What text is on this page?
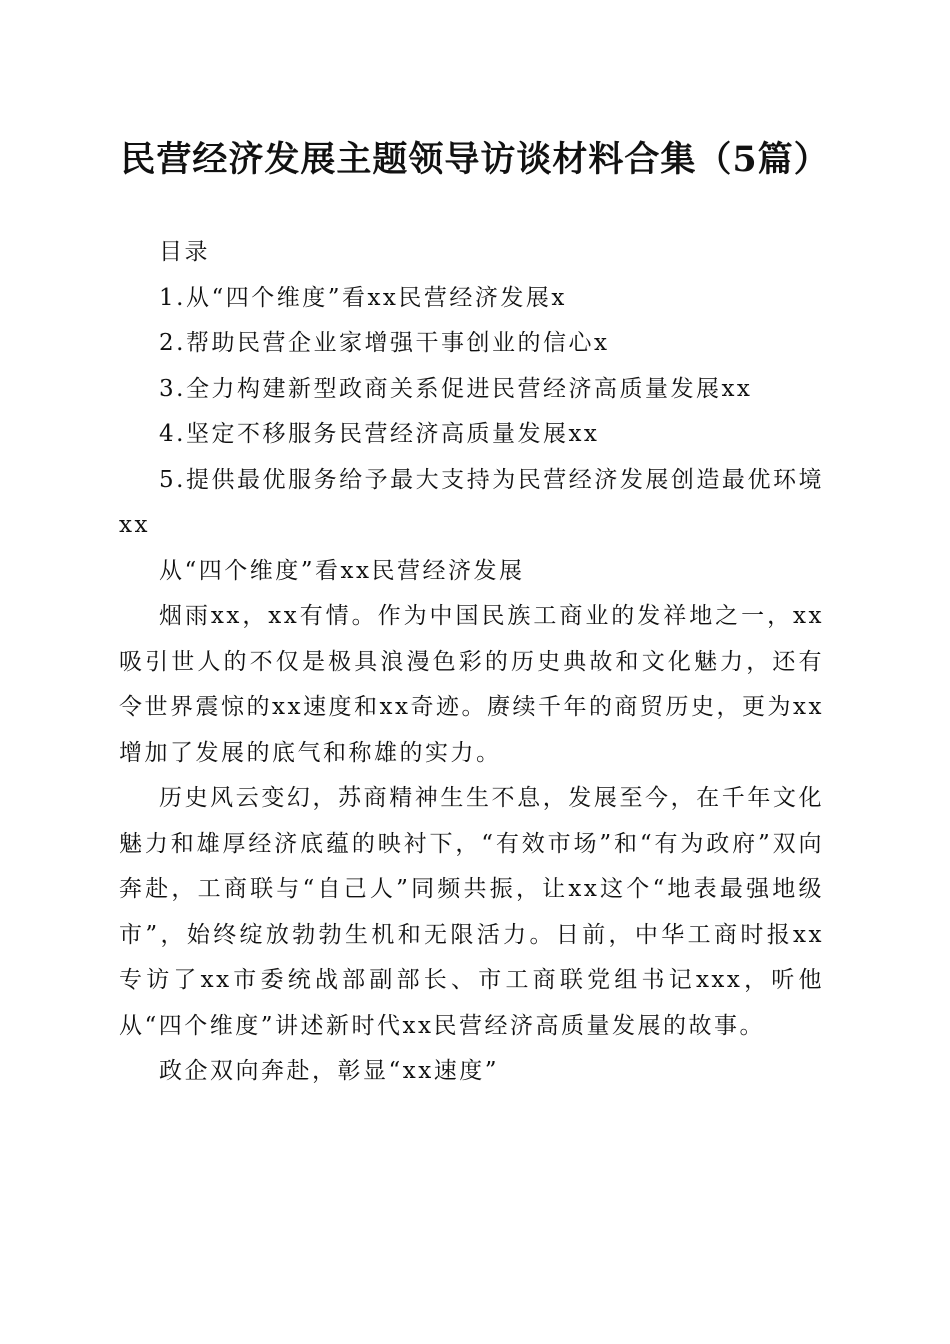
民营经济发展主题领导访谈材料合集（5篇）

目录

1.从“四个维度”看xx民营经济发展x

2.帮助民营企业家增强干事创业的信心x

3.全力构建新型政商关系促进民营经济高质量发展xx

4.坚定不移服务民营经济高质量发展xx

5.提供最优服务给予最大支持为民营经济发展创造最优环境xx

从“四个维度”看xx民营经济发展

烟雨xx，xx有情。作为中国民族工商业的发祥地之一，xx吸引世人的不仅是极具浪漫色彩的历史典故和文化魅力，还有令世界震惊的xx速度和xx奇迹。赓续千年的商贸历史，更为xx增加了发展的底气和称雄的实力。

历史风云变幻，苏商精神生生不息，发展至今，在千年文化魅力和雄厚经济底蕴的映衬下，“有效市场”和“有为政府”双向奔赴，工商联与“自己人”同频共振，让xx这个“地表最强地级市”，始终绽放勃勃生机和无限活力。日前，中华工商时报xx专访了xx市委统战部副部长、市工商联党组书记xxx，听他从“四个维度”讲述新时代xx民营经济高质量发展的故事。

政企双向奔赴，彰显“xx速度”
